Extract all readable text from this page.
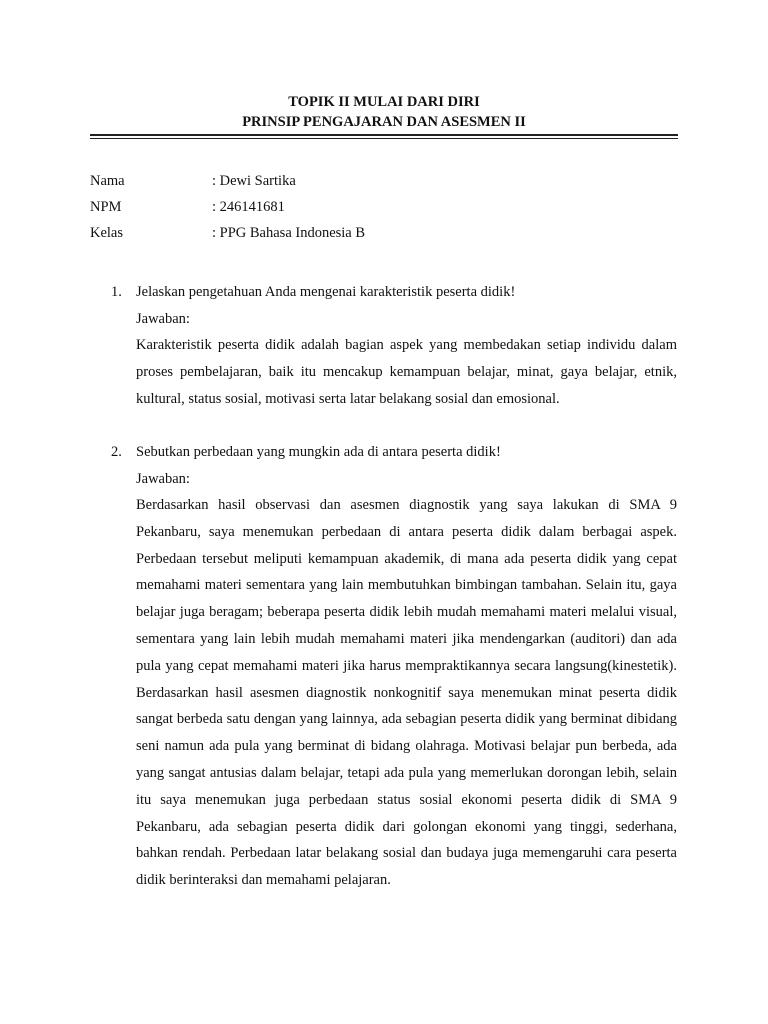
TOPIK II MULAI DARI DIRI
PRINSIP PENGAJARAN DAN ASESMEN II
Nama	: Dewi Sartika
NPM	: 246141681
Kelas	: PPG Bahasa Indonesia B
1. Jelaskan pengetahuan Anda mengenai karakteristik peserta didik!
Jawaban:
Karakteristik peserta didik adalah bagian aspek yang membedakan setiap individu dalam proses pembelajaran, baik itu mencakup kemampuan belajar, minat, gaya belajar, etnik, kultural, status sosial, motivasi serta latar belakang sosial dan emosional.
2. Sebutkan perbedaan yang mungkin ada di antara peserta didik!
Jawaban:
Berdasarkan hasil observasi dan asesmen diagnostik yang saya lakukan di SMA 9 Pekanbaru, saya menemukan perbedaan di antara peserta didik dalam berbagai aspek. Perbedaan tersebut meliputi kemampuan akademik, di mana ada peserta didik yang cepat memahami materi sementara yang lain membutuhkan bimbingan tambahan. Selain itu, gaya belajar juga beragam; beberapa peserta didik lebih mudah memahami materi melalui visual, sementara yang lain lebih mudah memahami materi jika mendengarkan (auditori) dan ada pula yang cepat memahami materi jika harus mempraktikannya secara langsung(kinestetik). Berdasarkan hasil asesmen diagnostik nonkognitif saya menemukan minat peserta didik sangat berbeda satu dengan yang lainnya, ada sebagian peserta didik yang berminat dibidang seni namun ada pula yang berminat di bidang olahraga. Motivasi belajar pun berbeda, ada yang sangat antusias dalam belajar, tetapi ada pula yang memerlukan dorongan lebih, selain itu saya menemukan juga perbedaan status sosial ekonomi peserta didik di SMA 9 Pekanbaru, ada sebagian peserta didik dari golongan ekonomi yang tinggi, sederhana, bahkan rendah. Perbedaan latar belakang sosial dan budaya juga memengaruhi cara peserta didik berinteraksi dan memahami pelajaran.
